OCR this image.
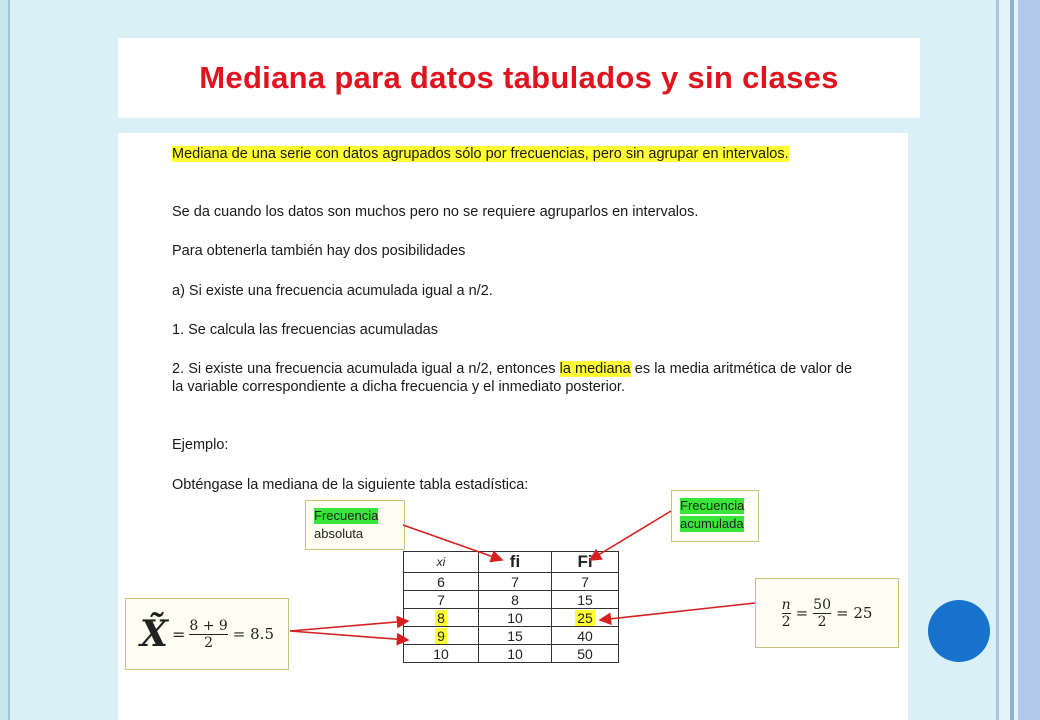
Mediana para datos tabulados y sin clases

Mediana de una serie con datos agrupados sólo por frecuencias, pero sin agrupar en intervalos.

Se da cuando los datos son muchos pero no se requiere agruparlos en intervalos.

Para obtenerla también hay dos posibilidades

a) Si existe una frecuencia acumulada igual a n/2.

1. Se calcula las frecuencias acumuladas

2. Si existe una frecuencia acumulada igual a n/2, entonces la mediana es la media aritmética de valor de la variable correspondiente a dicha frecuencia y el inmediato posterior.

Ejemplo:

Obténgase la mediana de la siguiente tabla estadística:

Frecuencia
absoluta
Frecuencia
acumulada
xi	fi	Fi
6	7	7
7	8	15
8	10	25
9	15	40
10	10	50
X̃ = $\frac{8 + 9}{2} = 8.5$
$\frac{n}{2} = \frac{50}{2} = 25$
